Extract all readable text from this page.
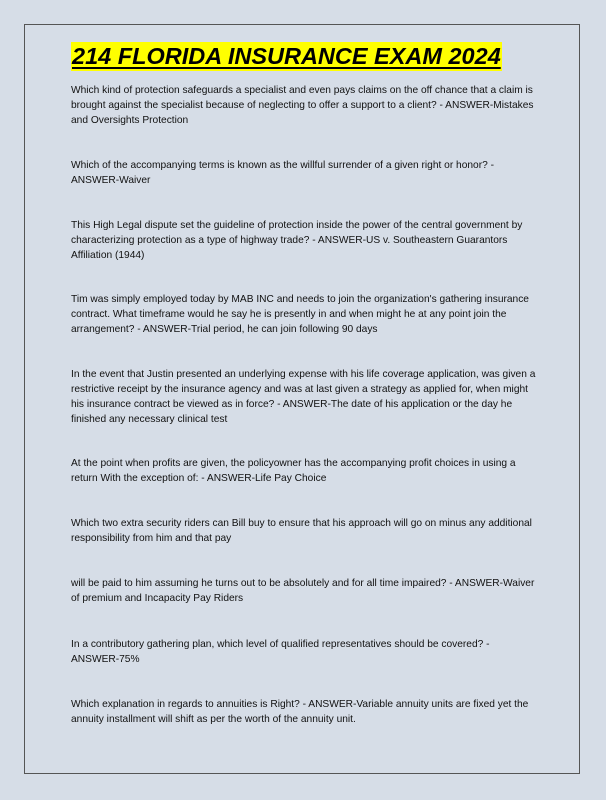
214 FLORIDA INSURANCE EXAM 2024

Which kind of protection safeguards a specialist and even pays claims on the off chance that a claim is brought against the specialist because of neglecting to offer a support to a client? - ANSWER-Mistakes and Oversights Protection

Which of the accompanying terms is known as the willful surrender of a given right or honor? - ANSWER-Waiver

This High Legal dispute set the guideline of protection inside the power of the central government by characterizing protection as a type of highway trade? - ANSWER-US v. Southeastern Guarantors Affiliation (1944)

Tim was simply employed today by MAB INC and needs to join the organization's gathering insurance contract. What timeframe would he say he is presently in and when might he at any point join the arrangement? - ANSWER-Trial period, he can join following 90 days

In the event that Justin presented an underlying expense with his life coverage application, was given a restrictive receipt by the insurance agency and was at last given a strategy as applied for, when might his insurance contract be viewed as in force? - ANSWER-The date of his application or the day he finished any necessary clinical test

At the point when profits are given, the policyowner has the accompanying profit choices in using a return With the exception of: - ANSWER-Life Pay Choice

Which two extra security riders can Bill buy to ensure that his approach will go on minus any additional responsibility from him and that pay

will be paid to him assuming he turns out to be absolutely and for all time impaired? - ANSWER-Waiver of premium and Incapacity Pay Riders

In a contributory gathering plan, which level of qualified representatives should be covered? - ANSWER-75%

Which explanation in regards to annuities is Right? - ANSWER-Variable annuity units are fixed yet the annuity installment will shift as per the worth of the annuity unit.
